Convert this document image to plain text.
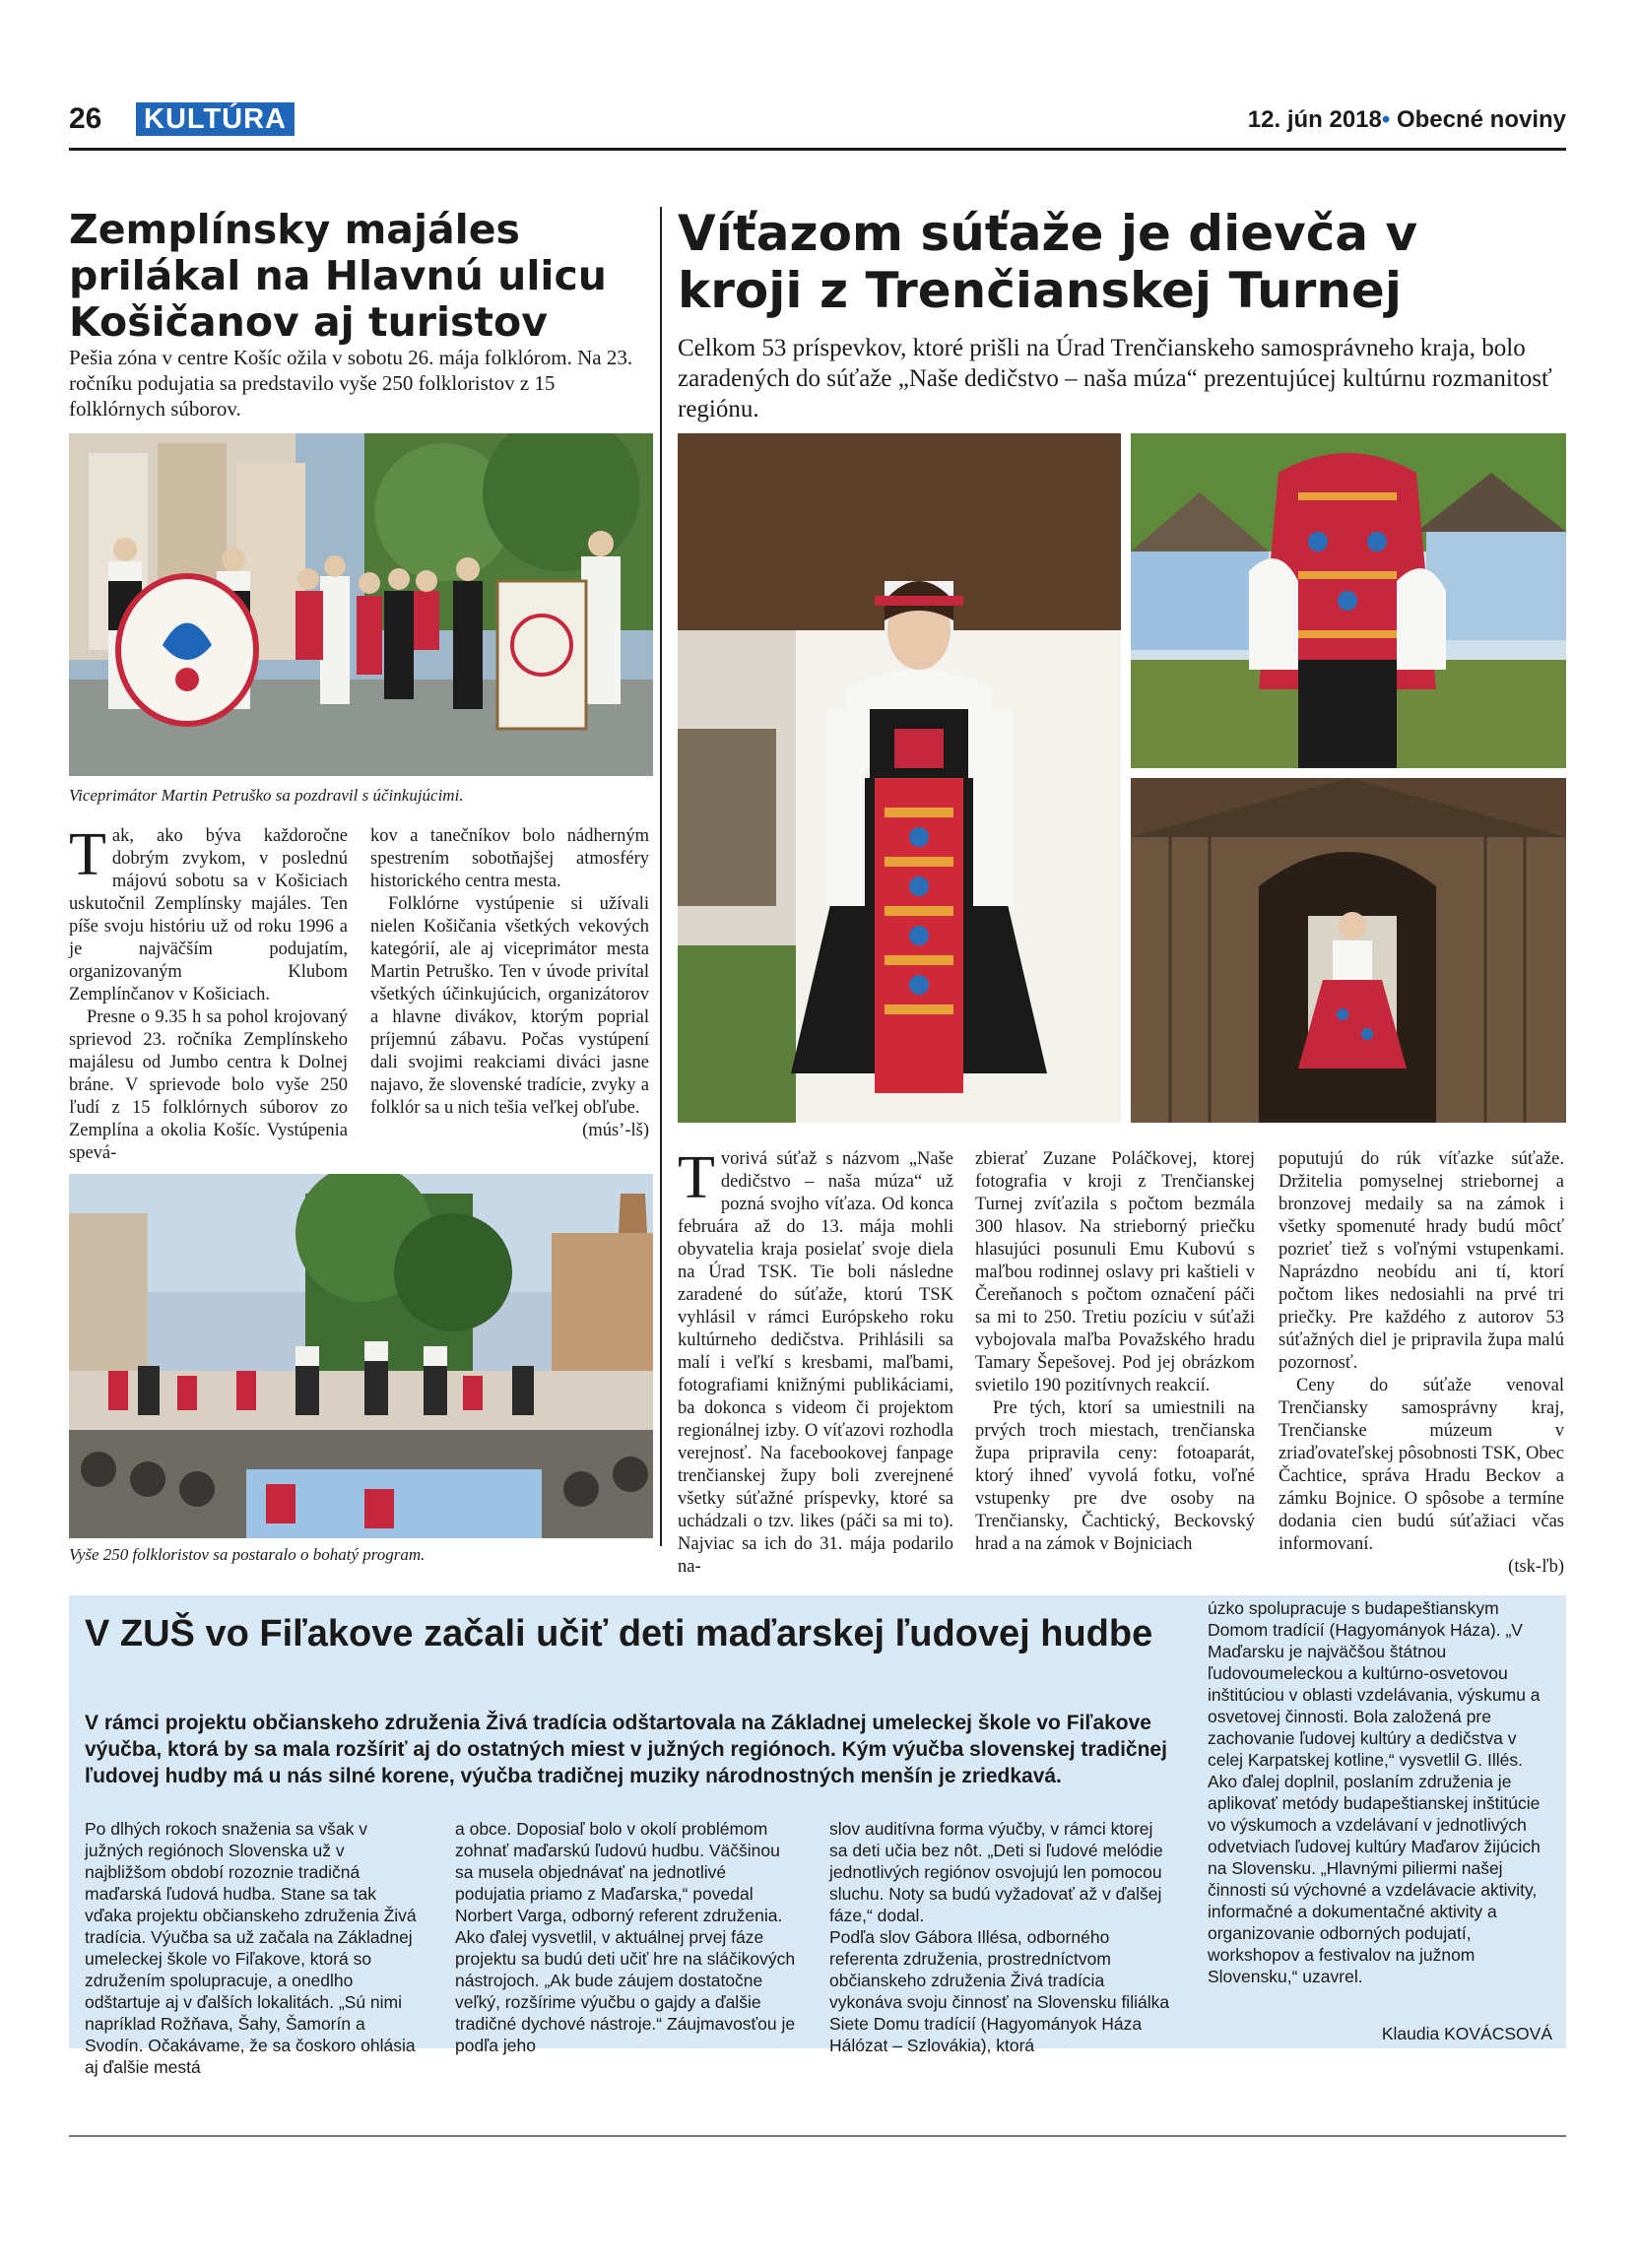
26 KULTÚRA	12. jún 2018• Obecné noviny
Zemplínsky majáles prilákal na Hlavnú ulicu Košičanov aj turistov
Pešia zóna v centre Košíc ožila v sobotu 26. mája folklórom. Na 23. ročníku podujatia sa predstavilo vyše 250 folkloristov z 15 folklórnych súborov.
Viceprimátor Martin Petruško sa pozdravil s účinkujúcimi.

Tak, ako býva každoročne dobrým zvykom, v poslednú májovú sobotu sa v Košiciach uskutočnil Zemplínsky majáles. Ten píše svoju históriu už od roku 1996 a je najväčším podujatím, organizovaným Klubom Zemplínčanov v Košiciach.

Presne o 9.35 h sa pohol krojovaný sprievod 23. ročníka Zemplínskeho majálesu od Jumbo centra k Dolnej bráne. V sprievode bolo vyše 250 ľudí z 15 folklórnych súborov zo Zemplína a okolia Košíc. Vystúpenia spevá-

kov a tanečníkov bolo nádherným spestrením sobotňajšej atmosféry historického centra mesta.

Folklórne vystúpenie si užívali nielen Košičania všetkých vekových kategórií, ale aj viceprimátor mesta Martin Petruško. Ten v úvode privítal všetkých účinkujúcich, organizátorov a hlavne divákov, ktorým poprial príjemnú zábavu. Počas vystúpení dali svojimi reakciami diváci jasne najavo, že slovenské tradície, zvyky a folklór sa u nich tešia veľkej obľube.

(músʼ-lš)
Vyše 250 folkloristov sa postaralo o bohatý program.
Víťazom súťaže je dievča v kroji z Trenčianskej Turnej
Celkom 53 príspevkov, ktoré prišli na Úrad Trenčianskeho samosprávneho kraja, bolo zaradených do súťaže „Naše dedičstvo – naša múza“ prezentujúcej kultúrnu rozmanitosť regiónu.

Tvorivá súťaž s názvom „Naše dedičstvo – naša múza“ už pozná svojho víťaza. Od konca februára až do 13. mája mohli obyvatelia kraja posielať svoje diela na Úrad TSK. Tie boli následne zaradené do súťaže, ktorú TSK vyhlásil v rámci Európskeho roku kultúrneho dedičstva. Prihlásili sa malí i veľkí s kresbami, maľbami, fotografiami knižnými publikáciami, ba dokonca s videom či projektom regionálnej izby. O víťazovi rozhodla verejnosť. Na facebookovej fanpage trenčianskej župy boli zverejnené všetky súťažné príspevky, ktoré sa uchádzali o tzv. likes (páči sa mi to). Najviac sa ich do 31. mája podarilo na-

zbierať Zuzane Poláčkovej, ktorej fotografia v kroji z Trenčianskej Turnej zvíťazila s počtom bezmála 300 hlasov. Na strieborný priečku hlasujúci posunuli Emu Kubovú s maľbou rodinnej oslavy pri kaštieli v Čereňanoch s počtom označení páči sa mi to 250. Tretiu pozíciu v súťaži vybojovala maľba Považského hradu Tamary Šepešovej. Pod jej obrázkom svietilo 190 pozitívnych reakcií.

Pre tých, ktorí sa umiestnili na prvých troch miestach, trenčianska župa pripravila ceny: fotoaparát, ktorý ihneď vyvolá fotku, voľné vstupenky pre dve osoby na Trenčiansky, Čachtický, Beckovský hrad a na zámok v Bojniciach

poputujú do rúk víťazke súťaže. Držitelia pomyselnej striebornej a bronzovej medaily sa na zámok i všetky spomenuté hrady budú môcť pozrieť tiež s voľnými vstupenkami. Naprázdno neobídu ani tí, ktorí počtom likes nedosiahli na prvé tri priečky. Pre každého z autorov 53 súťažných diel je pripravila župa malú pozornosť.

Ceny do súťaže venoval Trenčiansky samosprávny kraj, Trenčianske múzeum v zriaďovateľskej pôsobnosti TSK, Obec Čachtice, správa Hradu Beckov a zámku Bojnice. O spôsobe a termíne dodania cien budú súťažiaci včas informovaní.

(tsk-ľb)
V ZUŠ vo Fiľakove začali učiť deti maďarskej ľudovej hudbe
V rámci projektu občianskeho združenia Živá tradícia odštartovala na Základnej umeleckej škole vo Fiľakove výučba, ktorá by sa mala rozšíriť aj do ostatných miest v južných regiónoch. Kým výučba slovenskej tradičnej ľudovej hudby má u nás silné korene, výučba tradičnej muziky národnostných menšín je zriedkavá.
Po dlhých rokoch snaženia sa však v južných regiónoch Slovenska už v najbližšom období rozoznie tradičná maďarská ľudová hudba. Stane sa tak vďaka projektu občianskeho združenia Živá tradícia. Výučba sa už začala na Základnej umeleckej škole vo Fiľakove, ktorá so združením spolupracuje, a onedlho odštartuje aj v ďalších lokalitách. „Sú nimi napríklad Rožňava, Šahy, Šamorín a Svodín. Očakávame, že sa čoskoro ohlásia aj ďalšie mestá
a obce. Doposiaľ bolo v okolí problémom zohnať maďarskú ľudovú hudbu. Väčšinou sa musela objednávať na jednotlivé podujatia priamo z Maďarska,“ povedal Norbert Varga, odborný referent združenia.
Ako ďalej vysvetlil, v aktuálnej prvej fáze projektu sa budú deti učiť hre na sláčikových nástrojoch. „Ak bude záujem dostatočne veľký, rozšírime výučbu o gajdy a ďalšie tradičné dychové nástroje.“ Záujmavosťou je podľa jeho
slov auditívna forma výučby, v rámci ktorej sa deti učia bez nôt. „Deti si ľudové melódie jednotlivých regiónov osvojujú len pomocou sluchu. Noty sa budú vyžadovať až v ďalšej fáze,“ dodal.
Podľa slov Gábora Illésa, odborného referenta združenia, prostredníctvom občianskeho združenia Živá tradícia vykonáva svoju činnosť na Slovensku filiálka Siete Domu tradícií (Hagyományok Háza Hálózat – Szlovákia), ktorá
úzko spolupracuje s budapeštianskym Domom tradícií (Hagyományok Háza). „V Maďarsku je najväčšou štátnou ľudovoumeleckou a kultúrno-osvetovou inštitúciou v oblasti vzdelávania, výskumu a osvetovej činnosti. Bola založená pre zachovanie ľudovej kultúry a dedičstva v celej Karpatskej kotline,“ vysvetlil G. Illés. Ako ďalej doplnil, poslaním združenia je aplikovať metódy budapeštianskej inštitúcie vo výskumoch a vzdelávaní v jednotlivých odvetviach ľudovej kultúry Maďarov žijúcich na Slovensku. „Hlavnými piliermi našej činnosti sú výchovné a vzdelávacie aktivity, informačné a dokumentačné aktivity a organizovanie odborných podujatí, workshopov a festivalov na južnom Slovensku,“ uzavrel.
Klaudia KOVÁCSOVÁ
